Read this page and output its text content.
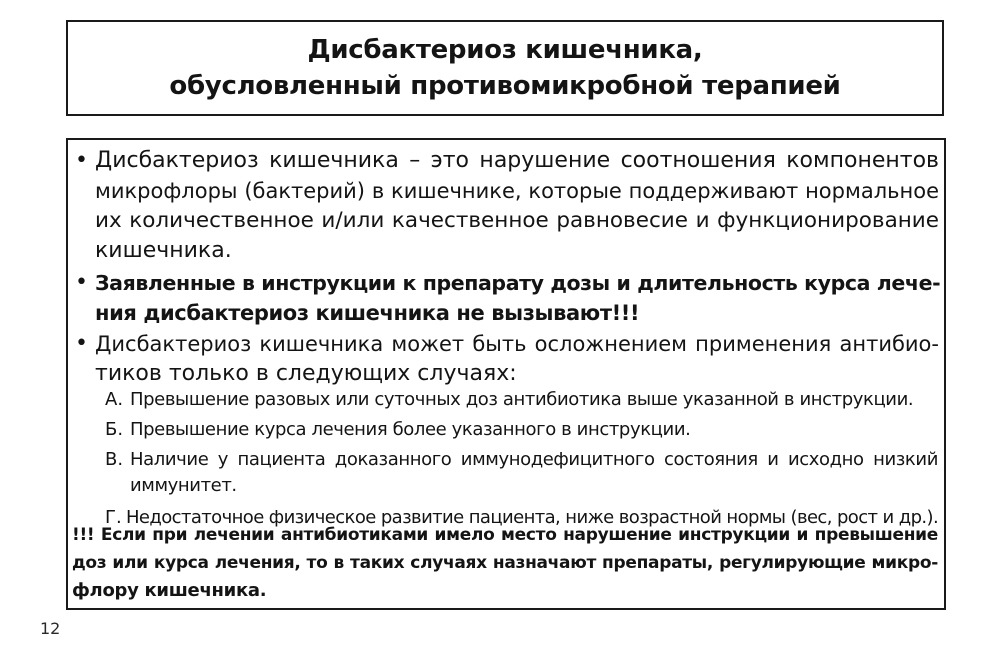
Дисбактериоз кишечника,
обусловленный противомикробной терапией
• Дисбактериоз кишечника – это нарушение соотношения компонентов
микрофлоры (бактерий) в кишечнике, которые поддерживают нормальное
их количественное и/или качественное равновесие и функционирование
кишечника.
• Заявленные в инструкции к препарату дозы и длительность курса лече-
ния дисбактериоз кишечника не вызывают!!!
• Дисбактериоз кишечника может быть осложнением применения антибио-
тиков только в следующих случаях:
А. Превышение разовых или суточных доз антибиотика выше указанной в инструкции.
Б. Превышение курса лечения более указанного в инструкции.
В. Наличие у пациента доказанного иммунодефицитного состояния и исходно низкий
иммунитет.
Г. Недостаточное физическое развитие пациента, ниже возрастной нормы (вес, рост и др.).
!!! Если при лечении антибиотиками имело место нарушение инструкции и превышение
доз или курса лечения, то в таких случаях назначают препараты, регулирующие микро-
флору кишечника.
12
